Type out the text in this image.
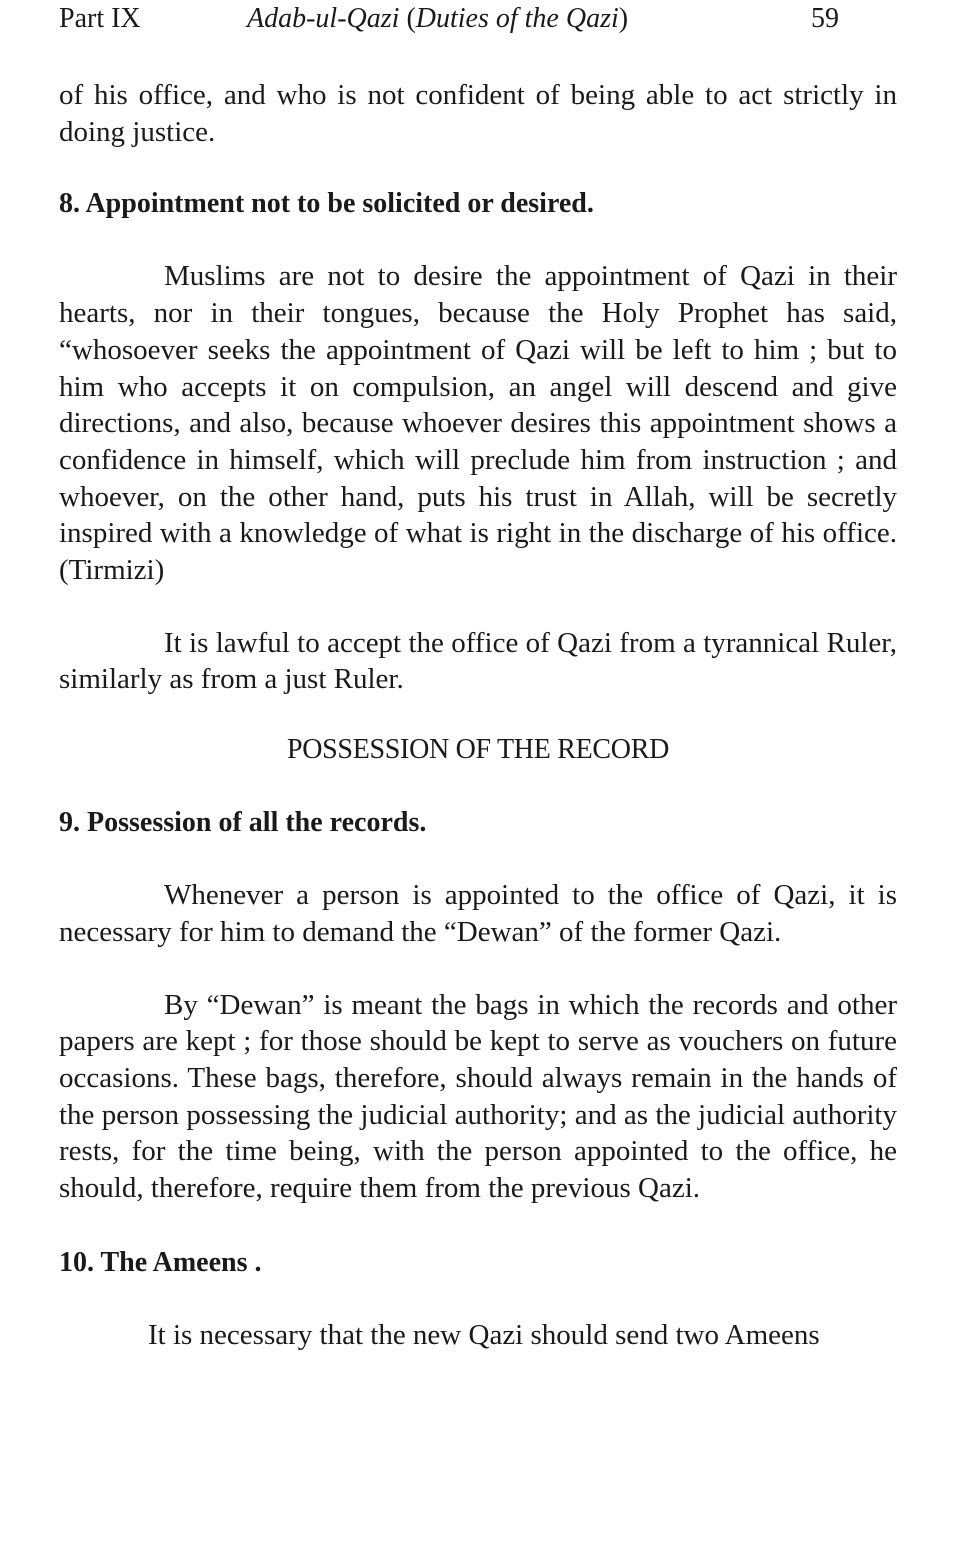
Part IX	Adab-ul-Qazi (Duties of the Qazi)	59

of his office, and who is not confident of being able to act strictly in doing justice.

8. Appointment not to be solicited or desired.

Muslims are not to desire the appointment of Qazi in their hearts, nor in their tongues, because the Holy Prophet has said, “whosoever seeks the appointment of Qazi will be left to him ; but to him who accepts it on compulsion, an angel will descend and give directions, and also, because whoever desires this appointment shows a confidence in himself, which will preclude him from instruction ; and whoever, on the other hand, puts his trust in Allah, will be secretly inspired with a knowledge of what is right in the discharge of his office. (Tirmizi)

It is lawful to accept the office of Qazi from a tyrannical Ruler, similarly as from a just Ruler.

POSSESSION OF THE RECORD
9. Possession of all the records.

Whenever a person is appointed to the office of Qazi, it is necessary for him to demand the “Dewan” of the former Qazi.

By “Dewan” is meant the bags in which the records and other papers are kept ; for those should be kept to serve as vouchers on future occasions. These bags, therefore, should always remain in the hands of the person possessing the judicial authority; and as the judicial authority rests, for the time being, with the person appointed to the office, he should, therefore, require them from the previous Qazi.

10. The Ameens .

It is necessary that the new Qazi should send two Ameens
